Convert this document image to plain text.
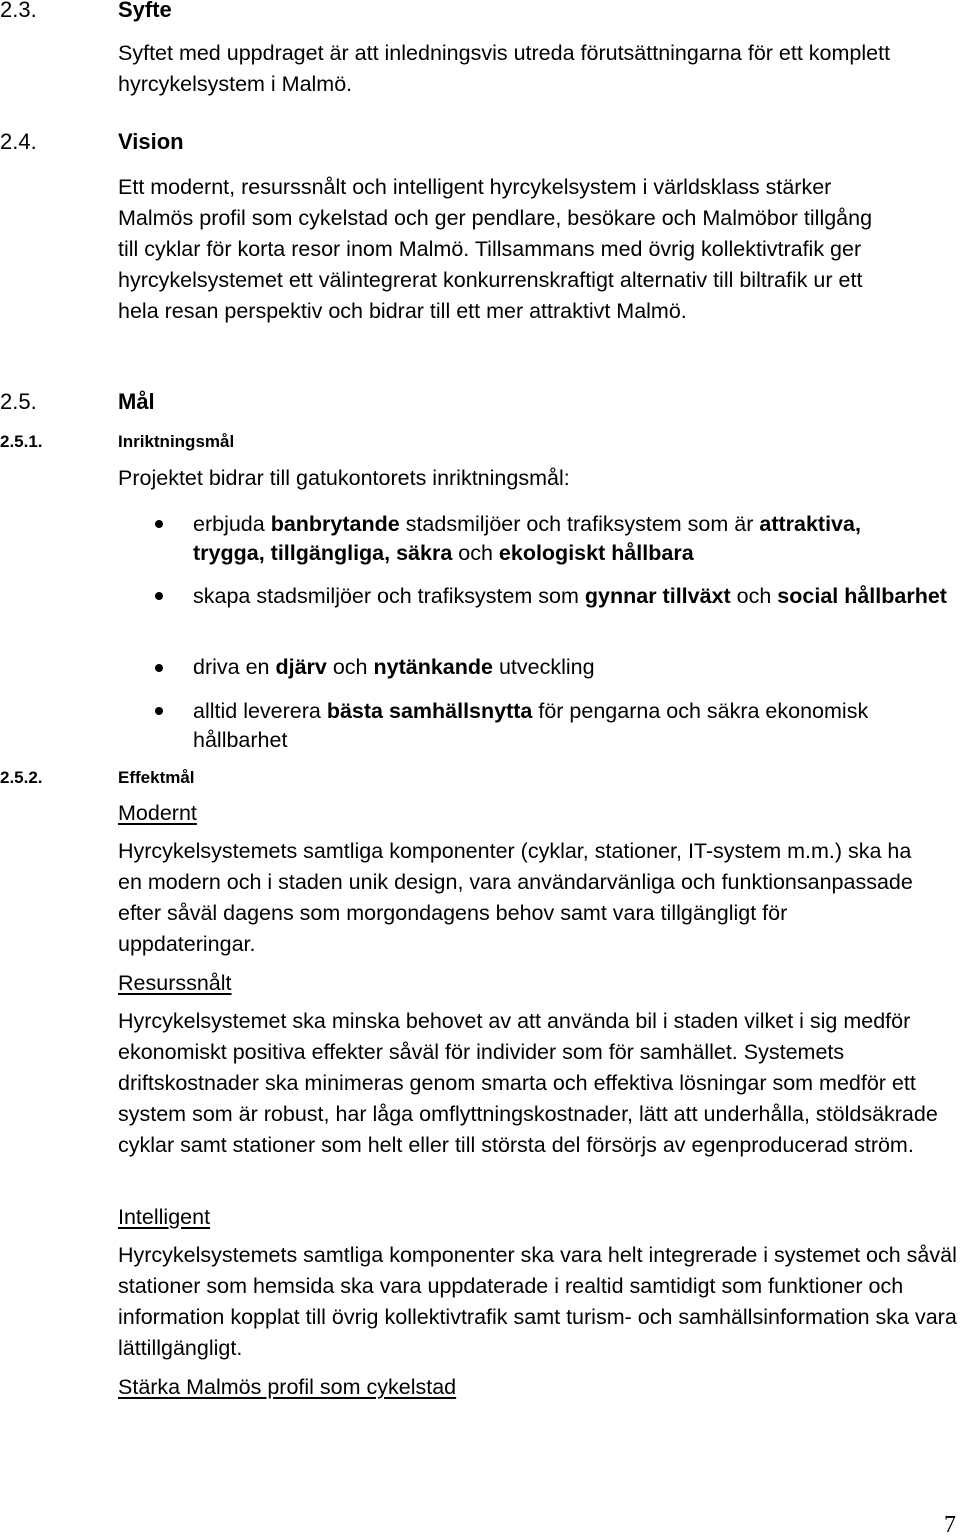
2.3.	Syfte
Syftet med uppdraget är att inledningsvis utreda förutsättningarna för ett komplett hyrcykelsystem i Malmö.
2.4.	Vision
Ett modernt, resurssnålt och intelligent hyrcykelsystem i världsklass stärker Malmös profil som cykelstad och ger pendlare, besökare och Malmöbor tillgång till cyklar för korta resor inom Malmö. Tillsammans med övrig kollektivtrafik ger hyrcykelsystemet ett välintegrerat konkurrenskraftigt alternativ till biltrafik ur ett hela resan perspektiv och bidrar till ett mer attraktivt Malmö.
2.5.	Mål
2.5.1.	Inriktningsmål
Projektet bidrar till gatukontorets inriktningsmål:
erbjuda banbrytande stadsmiljöer och trafiksystem som är attraktiva, trygga, tillgängliga, säkra och ekologiskt hållbara
skapa stadsmiljöer och trafiksystem som gynnar tillväxt och social hållbarhet
driva en djärv och nytänkande utveckling
alltid leverera bästa samhällsnytta för pengarna och säkra ekonomisk hållbarhet
2.5.2.	Effektmål
Modernt
Hyrcykelsystemets samtliga komponenter (cyklar, stationer, IT-system m.m.) ska ha en modern och i staden unik design, vara användarvänliga och funktionsanpassade efter såväl dagens som morgondagens behov samt vara tillgängligt för uppdateringar.
Resurssnålt
Hyrcykelsystemet ska minska behovet av att använda bil i staden vilket i sig medför ekonomiskt positiva effekter såväl för individer som för samhället. Systemets driftskostnader ska minimeras genom smarta och effektiva lösningar som medför ett system som är robust, har låga omflyttningskostnader, lätt att underhålla, stöldsäkrade cyklar samt stationer som helt eller till största del försörjs av egenproducerad ström.
Intelligent
Hyrcykelsystemets samtliga komponenter ska vara helt integrerade i systemet och såväl stationer som hemsida ska vara uppdaterade i realtid samtidigt som funktioner och information kopplat till övrig kollektivtrafik samt turism- och samhällsinformation ska vara lättillgängligt.
Stärka Malmös profil som cykelstad
7
